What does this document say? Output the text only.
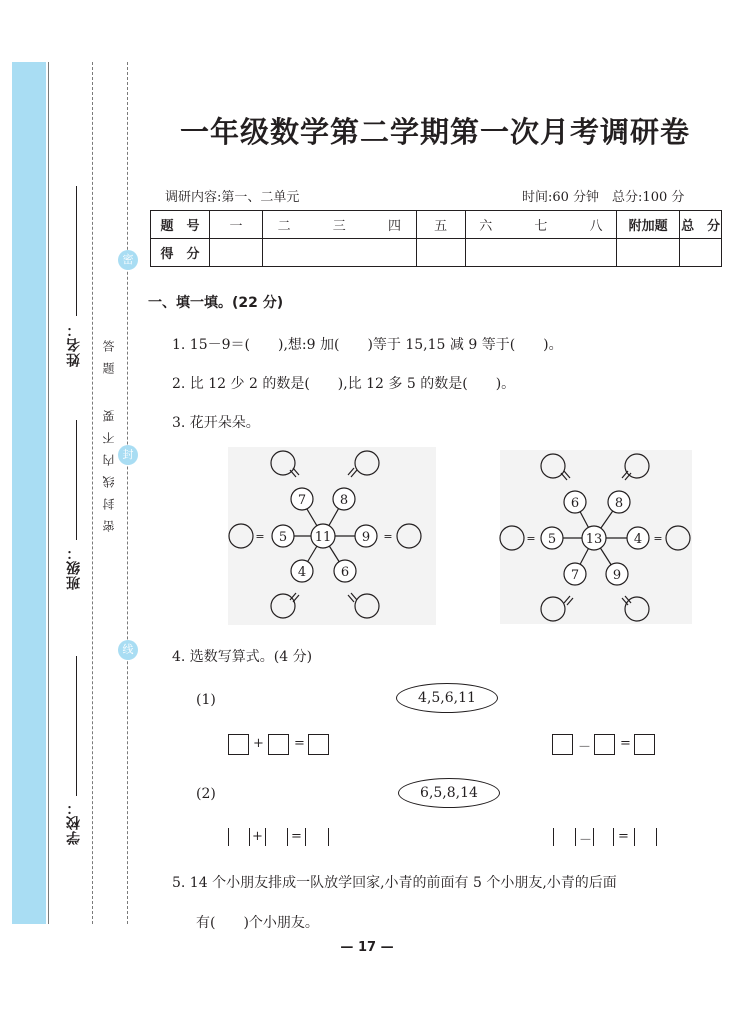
姓名：
班级：
学校：
答题
密封线内不要
密
封
线
一年级数学第二学期第一次月考调研卷
调研内容:第一、二单元	时间:60 分钟　总分:100 分
题　号	一	二 三 四	五	六 七 八	附加题	总　分
得　分						
一、填一填。(22 分)
1. 15－9＝(　　),想:9 加(　　)等于 15,15 减 9 等于(　　)。
2. 比 12 少 2 的数是(　　),比 12 多 5 的数是(　　)。
3. 花开朵朵。
11
7	8
5	9
4	6
=	=	13
6	8
5	4
7	9
=	=
4. 选数写算式。(4 分)
(1)	4,5,6,11
+ =	－ =
(2)	6,5,8,14
+ =	－ =
5. 14 个小朋友排成一队放学回家,小青的前面有 5 个小朋友,小青的后面
有(　　)个小朋友。
— 17 —
